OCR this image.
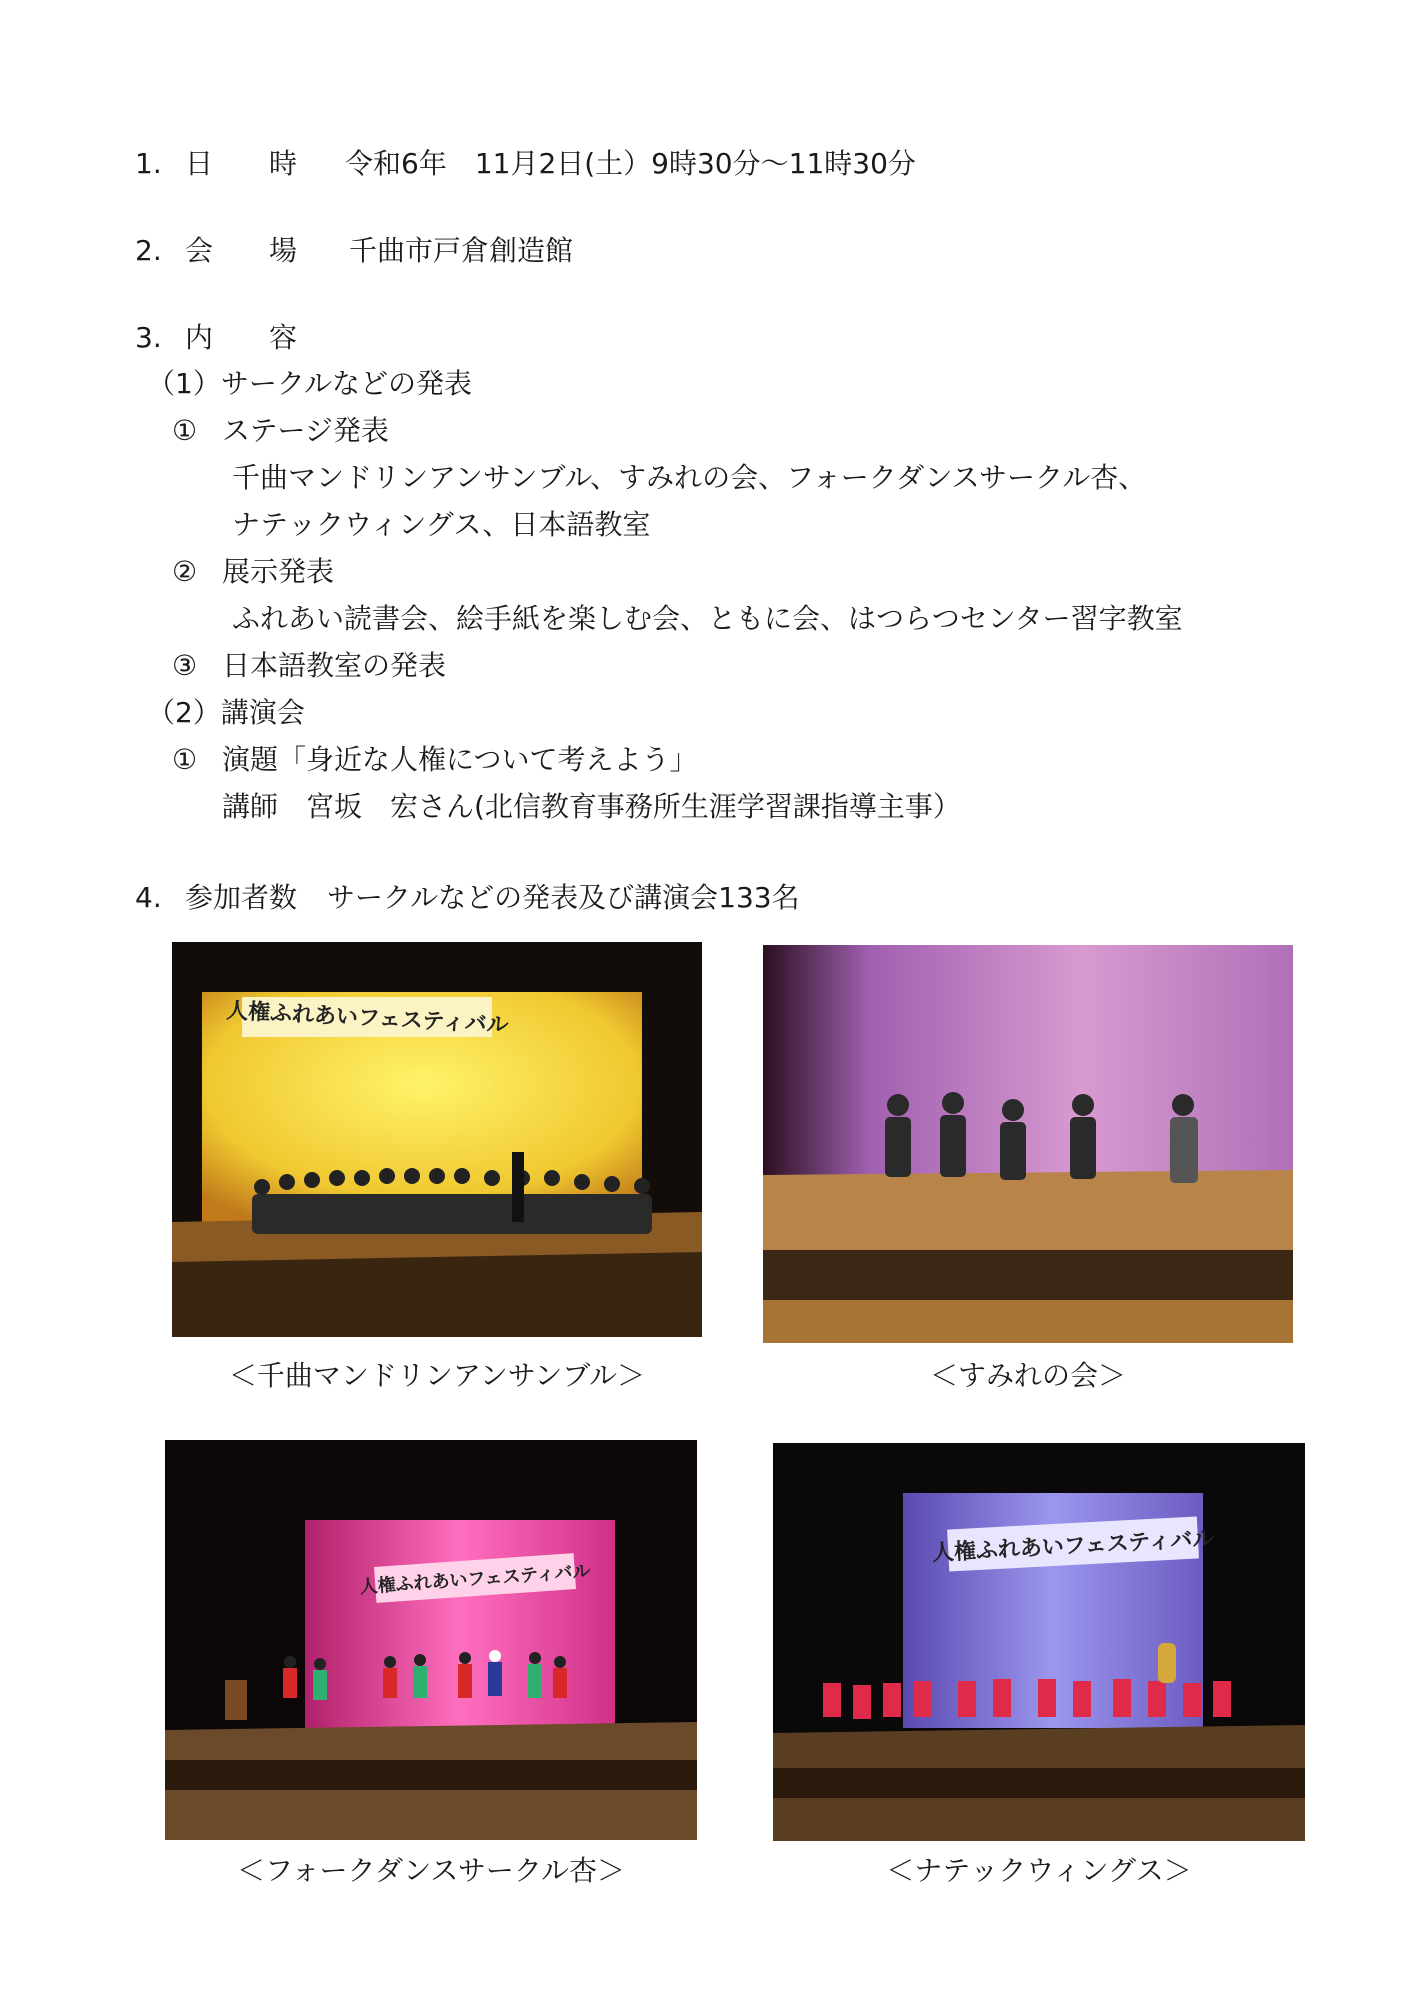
1. 日　　時 令和6年　11月2日(土）9時30分～11時30分
2. 会　　場 千曲市戸倉創造館
3. 内　　容
（1）サークルなどの発表
① ステージ発表
千曲マンドリンアンサンブル、すみれの会、フォークダンスサークル杏、
ナテックウィングス、日本語教室
② 展示発表
ふれあい読書会、絵手紙を楽しむ会、ともに会、はつらつセンター習字教室
③ 日本語教室の発表
（2）講演会
① 演題「身近な人権について考えよう」
講師　宮坂　宏さん(北信教育事務所生涯学習課指導主事）
4. 参加者数 サークルなどの発表及び講演会133名
人権ふれあいフェスティバル
＜千曲マンドリンアンサンブル＞	＜すみれの会＞
人権ふれあいフェスティバル
＜フォークダンスサークル杏＞
人権ふれあいフェスティバル
＜ナテックウィングス＞
